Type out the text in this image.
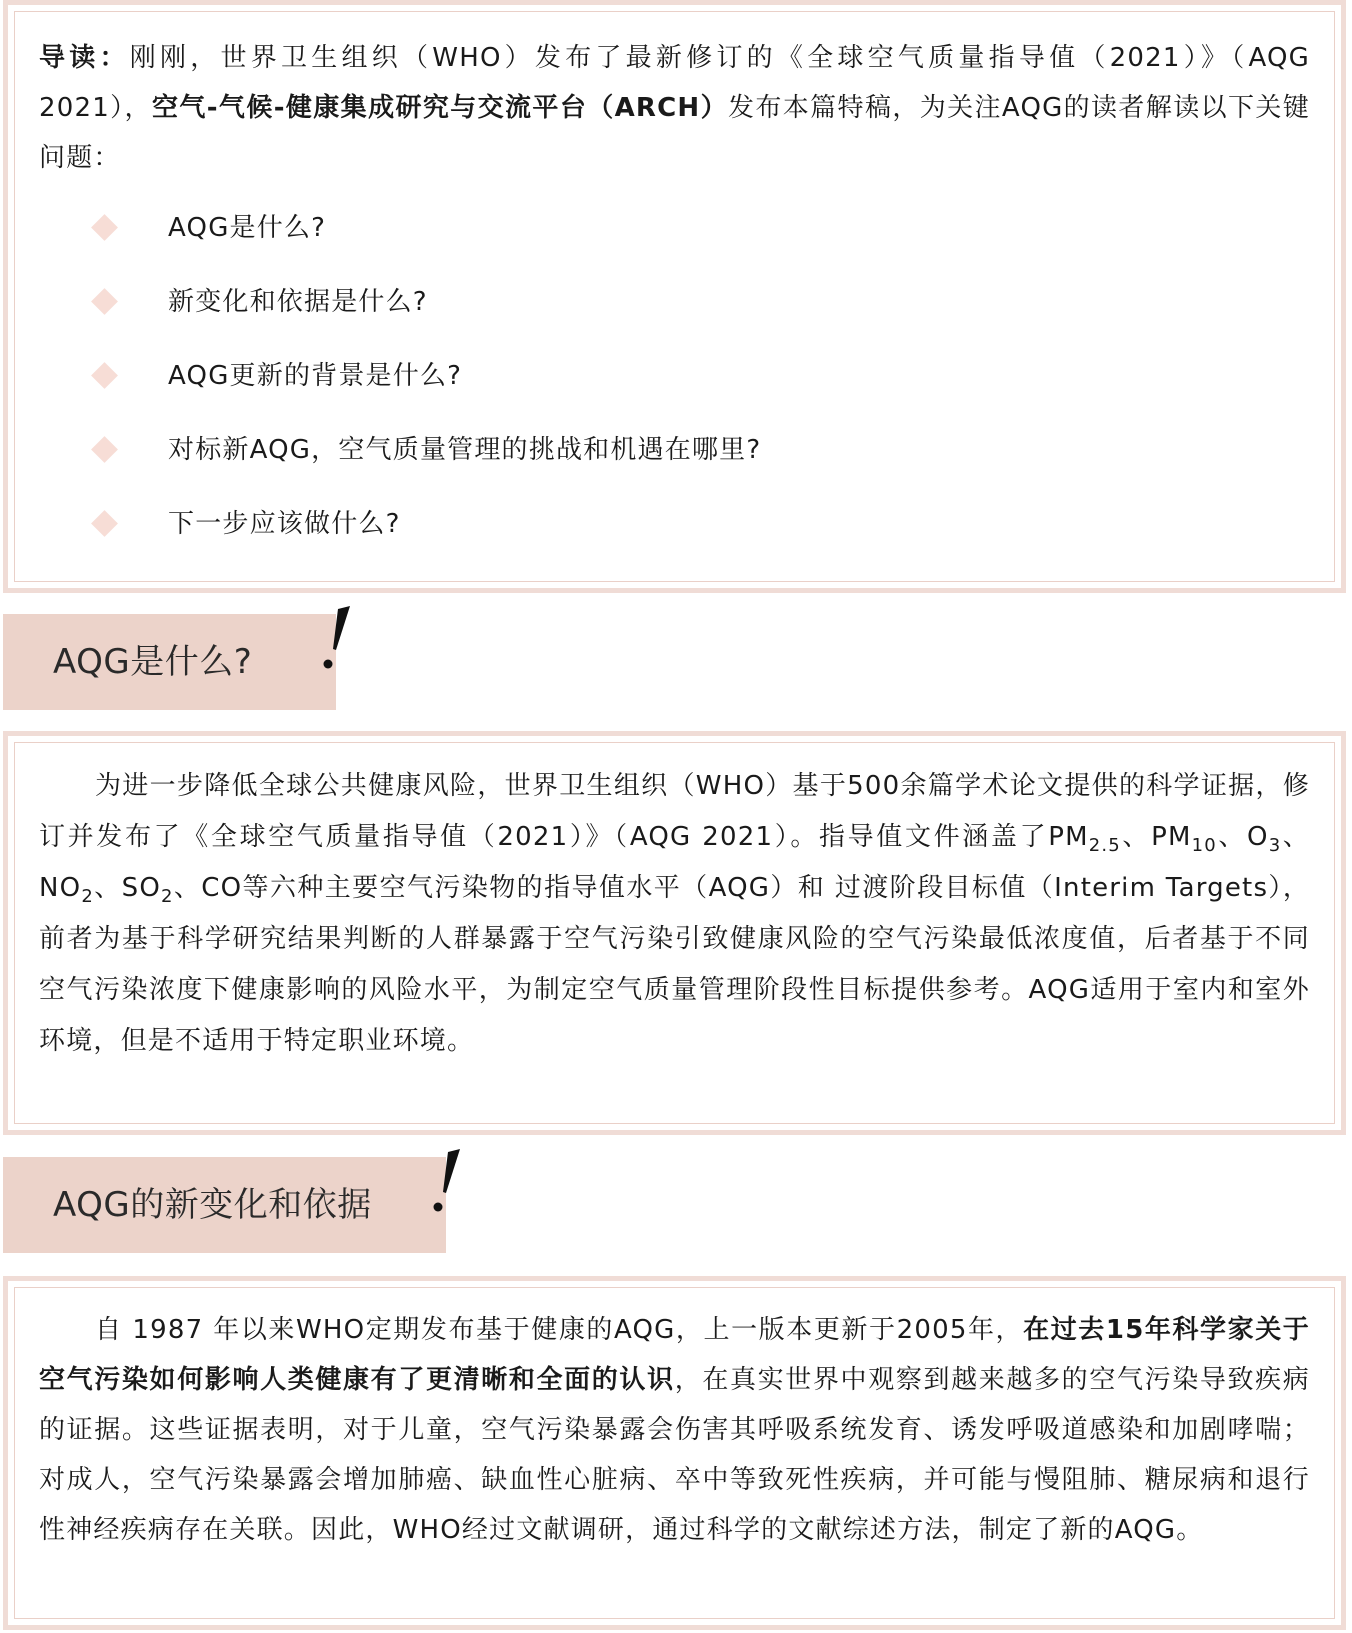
导读：刚刚，世界卫生组织（WHO）发布了最新修订的《全球空气质量指导值（2021）》（AQG 2021），空气-气候-健康集成研究与交流平台（ARCH）发布本篇特稿，为关注AQG的读者解读以下关键问题：

AQG是什么?
新变化和依据是什么?
AQG更新的背景是什么?
对标新AQG，空气质量管理的挑战和机遇在哪里?
下一步应该做什么?
AQG是什么?

为进一步降低全球公共健康风险，世界卫生组织（WHO）基于500余篇学术论文提供的科学证据，修订并发布了《全球空气质量指导值（2021）》（AQG 2021）。指导值文件涵盖了$PM_{2.5}$、$PM_{10}$、$O_3$、$NO_2$、$SO_2$、CO等六种主要空气污染物的指导值水平（AQG）和 过渡阶段目标值（Interim Targets），前者为基于科学研究结果判断的人群暴露于空气污染引致健康风险的空气污染最低浓度值，后者基于不同空气污染浓度下健康影响的风险水平，为制定空气质量管理阶段性目标提供参考。AQG适用于室内和室外环境，但是不适用于特定职业环境。

AQG的新变化和依据

自 1987 年以来WHO定期发布基于健康的AQG，上一版本更新于2005年，在过去15年科学家关于空气污染如何影响人类健康有了更清晰和全面的认识，在真实世界中观察到越来越多的空气污染导致疾病的证据。这些证据表明，对于儿童，空气污染暴露会伤害其呼吸系统发育、诱发呼吸道感染和加剧哮喘；对成人，空气污染暴露会增加肺癌、缺血性心脏病、卒中等致死性疾病，并可能与慢阻肺、糖尿病和退行性神经疾病存在关联。因此，WHO经过文献调研，通过科学的文献综述方法，制定了新的AQG。
